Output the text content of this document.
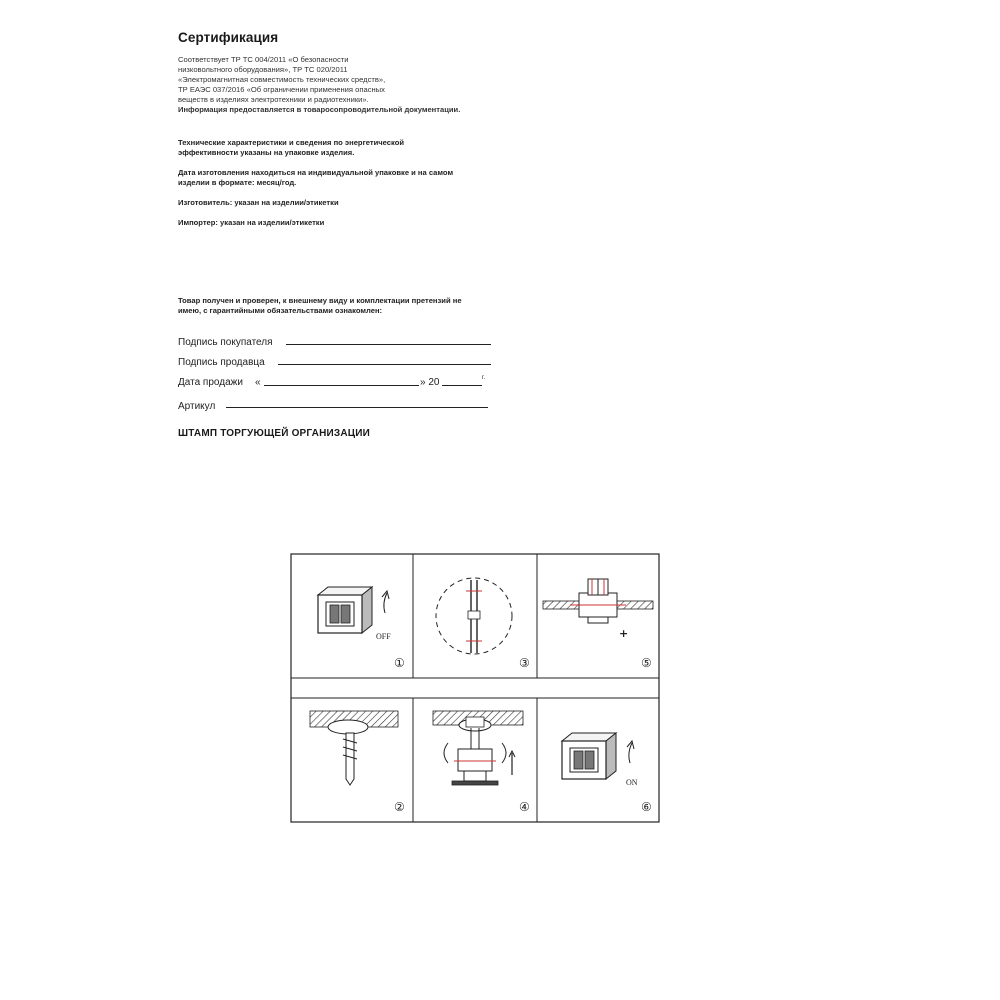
Сертификация
Соответствует ТР ТС 004/2011 «О безопасности
низковольтного оборудования», ТР ТС 020/2011
«Электромагнитная совместимость технических средств»,
ТР ЕАЭС 037/2016 «Об ограничении применения опасных
веществ в изделиях электротехники и радиотехники».
Информация предоставляется в товаросопроводительной документации.
Технические характеристики и сведения по энергетической
эффективности указаны на упаковке изделия.
Дата изготовления находиться на индивидуальной упаковке и на самом
изделии в формате: месяц/год.
Изготовитель: указан на изделии/этикетки
Импортер: указан на изделии/этикетки
Товар получен и проверен, к внешнему виду и комплектации претензий не
имею, с гарантийными обязательствами ознакомлен:
Подпись покупателя
Подпись продавца
Дата продажи «	» 20	г.
Артикул
ШТАМП ТОРГУЮЩЕЙ ОРГАНИЗАЦИИ
OFF
①	③
+
⑤
②	④
ON
⑥
